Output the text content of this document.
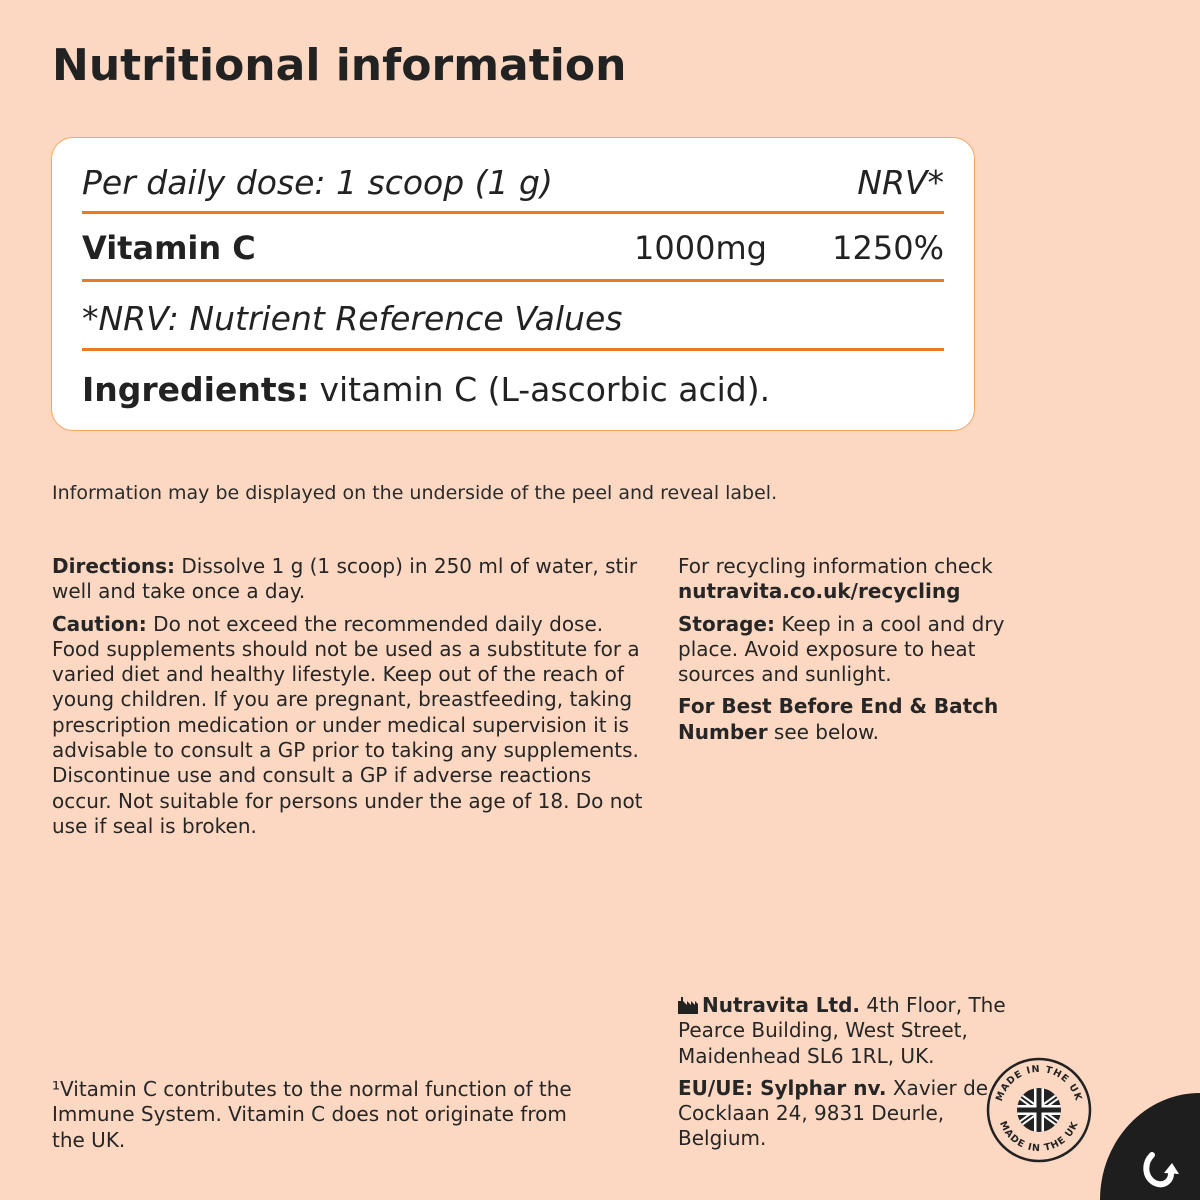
Nutritional information
Per daily dose: 1 scoop (1 g)	NRV*
Vitamin C	1000mg	1250%
*NRV: Nutrient Reference Values
Ingredients: vitamin C (L-ascorbic acid).
Information may be displayed on the underside of the peel and reveal label.

Directions: Dissolve 1 g (1 scoop) in 250 ml of water, stir well and take once a day.

Caution: Do not exceed the recommended daily dose. Food supplements should not be used as a substitute for a varied diet and healthy lifestyle. Keep out of the reach of young children. If you are pregnant, breastfeeding, taking prescription medication or under medical supervision it is advisable to consult a GP prior to taking any supplements. Discontinue use and consult a GP if adverse reactions occur. Not suitable for persons under the age of 18. Do not use if seal is broken.

For recycling information check
nutravita.co.uk/recycling

Storage: Keep in a cool and dry place. Avoid exposure to heat sources and sunlight.

For Best Before End & Batch Number see below.

Nutravita Ltd. 4th Floor, The Pearce Building, West Street, Maidenhead SL6 1RL, UK.

EU/UE: Sylphar nv. Xavier de Cocklaan 24, 9831 Deurle, Belgium.

¹Vitamin C contributes to the normal function of the Immune System. Vitamin C does not originate from the UK.
MADE IN THE UK
MADE IN THE UK
